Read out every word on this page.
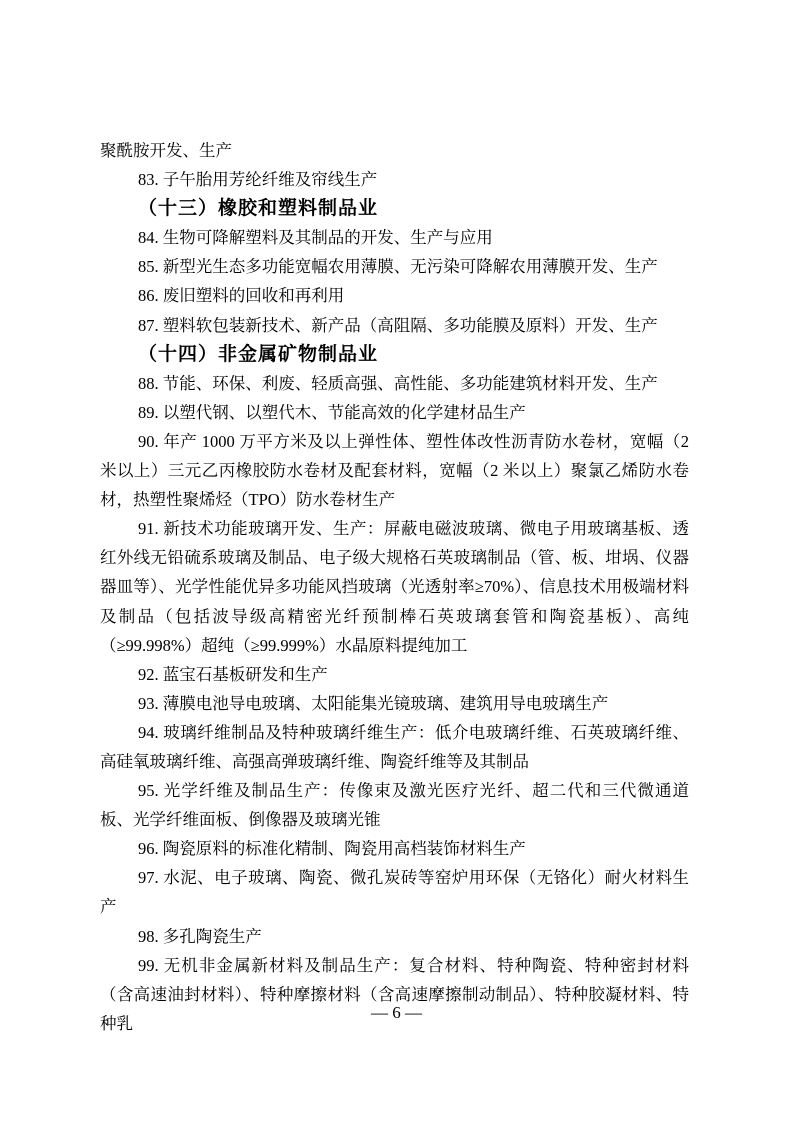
聚酰胺开发、生产

83. 子午胎用芳纶纤维及帘线生产

（十三）橡胶和塑料制品业

84. 生物可降解塑料及其制品的开发、生产与应用

85. 新型光生态多功能宽幅农用薄膜、无污染可降解农用薄膜开发、生产

86. 废旧塑料的回收和再利用

87. 塑料软包装新技术、新产品（高阻隔、多功能膜及原料）开发、生产

（十四）非金属矿物制品业

88. 节能、环保、利废、轻质高强、高性能、多功能建筑材料开发、生产

89. 以塑代钢、以塑代木、节能高效的化学建材品生产

90. 年产 1000 万平方米及以上弹性体、塑性体改性沥青防水卷材，宽幅（2 米以上）三元乙丙橡胶防水卷材及配套材料，宽幅（2 米以上）聚氯乙烯防水卷材，热塑性聚烯烃（TPO）防水卷材生产

91. 新技术功能玻璃开发、生产：屏蔽电磁波玻璃、微电子用玻璃基板、透红外线无铅硫系玻璃及制品、电子级大规格石英玻璃制品（管、板、坩埚、仪器器皿等）、光学性能优异多功能风挡玻璃（光透射率≥70%）、信息技术用极端材料及制品（包括波导级高精密光纤预制棒石英玻璃套管和陶瓷基板）、高纯（≥99.998%）超纯（≥99.999%）水晶原料提纯加工

92. 蓝宝石基板研发和生产

93. 薄膜电池导电玻璃、太阳能集光镜玻璃、建筑用导电玻璃生产

94. 玻璃纤维制品及特种玻璃纤维生产：低介电玻璃纤维、石英玻璃纤维、高硅氧玻璃纤维、高强高弹玻璃纤维、陶瓷纤维等及其制品

95. 光学纤维及制品生产：传像束及激光医疗光纤、超二代和三代微通道板、光学纤维面板、倒像器及玻璃光锥

96. 陶瓷原料的标准化精制、陶瓷用高档装饰材料生产

97. 水泥、电子玻璃、陶瓷、微孔炭砖等窑炉用环保（无铬化）耐火材料生产

98. 多孔陶瓷生产

99. 无机非金属新材料及制品生产：复合材料、特种陶瓷、特种密封材料（含高速油封材料）、特种摩擦材料（含高速摩擦制动制品）、特种胶凝材料、特种乳

— 6 —
